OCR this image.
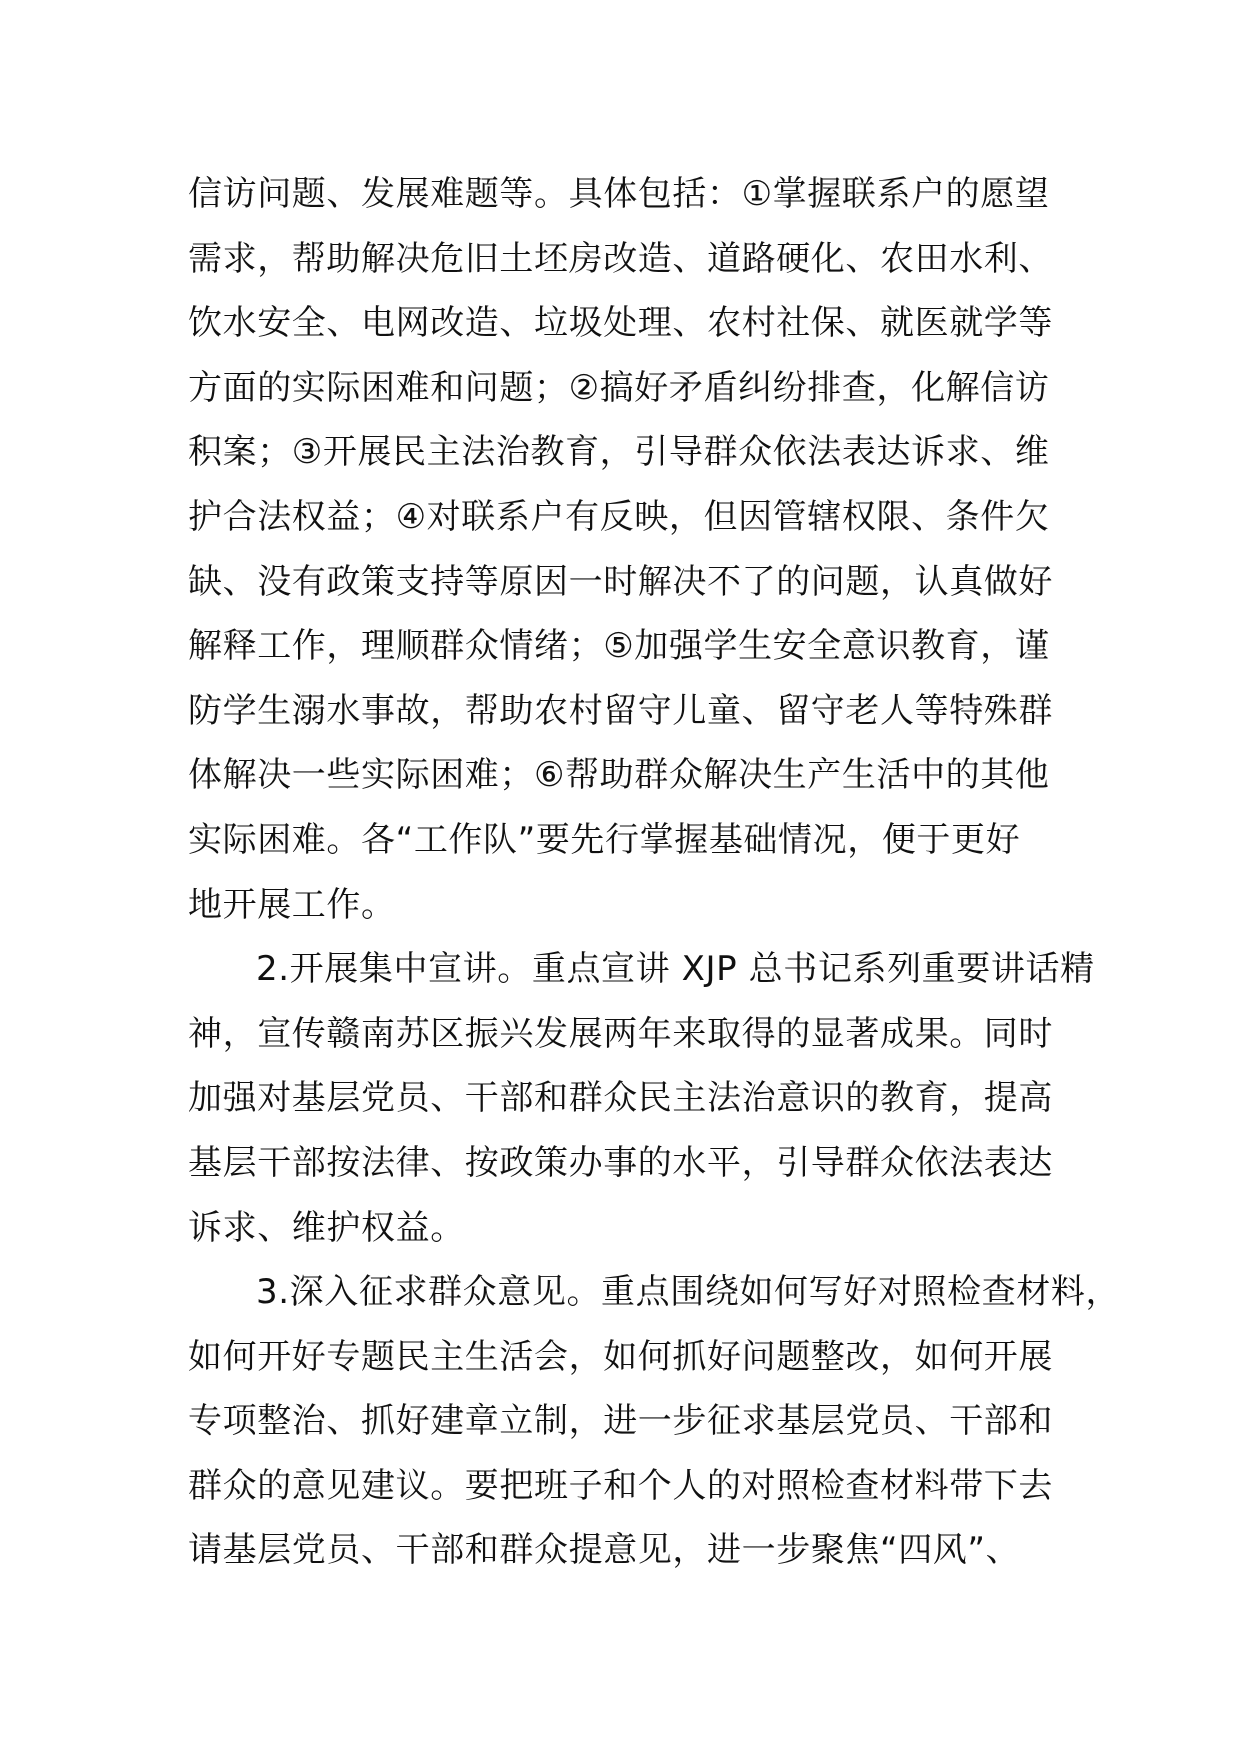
信访问题、发展难题等。具体包括：①掌握联系户的愿望
需求，帮助解决危旧土坯房改造、道路硬化、农田水利、
饮水安全、电网改造、垃圾处理、农村社保、就医就学等
方面的实际困难和问题；②搞好矛盾纠纷排查，化解信访
积案；③开展民主法治教育，引导群众依法表达诉求、维
护合法权益；④对联系户有反映，但因管辖权限、条件欠
缺、没有政策支持等原因一时解决不了的问题，认真做好
解释工作，理顺群众情绪；⑤加强学生安全意识教育，谨
防学生溺水事故，帮助农村留守儿童、留守老人等特殊群
体解决一些实际困难；⑥帮助群众解决生产生活中的其他
实际困难。各“工作队”要先行掌握基础情况，便于更好
地开展工作。
2.开展集中宣讲。重点宣讲 XJP 总书记系列重要讲话精
神，宣传赣南苏区振兴发展两年来取得的显著成果。同时
加强对基层党员、干部和群众民主法治意识的教育，提高
基层干部按法律、按政策办事的水平，引导群众依法表达
诉求、维护权益。
3.深入征求群众意见。重点围绕如何写好对照检查材料，
如何开好专题民主生活会，如何抓好问题整改，如何开展
专项整治、抓好建章立制，进一步征求基层党员、干部和
群众的意见建议。要把班子和个人的对照检查材料带下去
请基层党员、干部和群众提意见，进一步聚焦“四风”、
